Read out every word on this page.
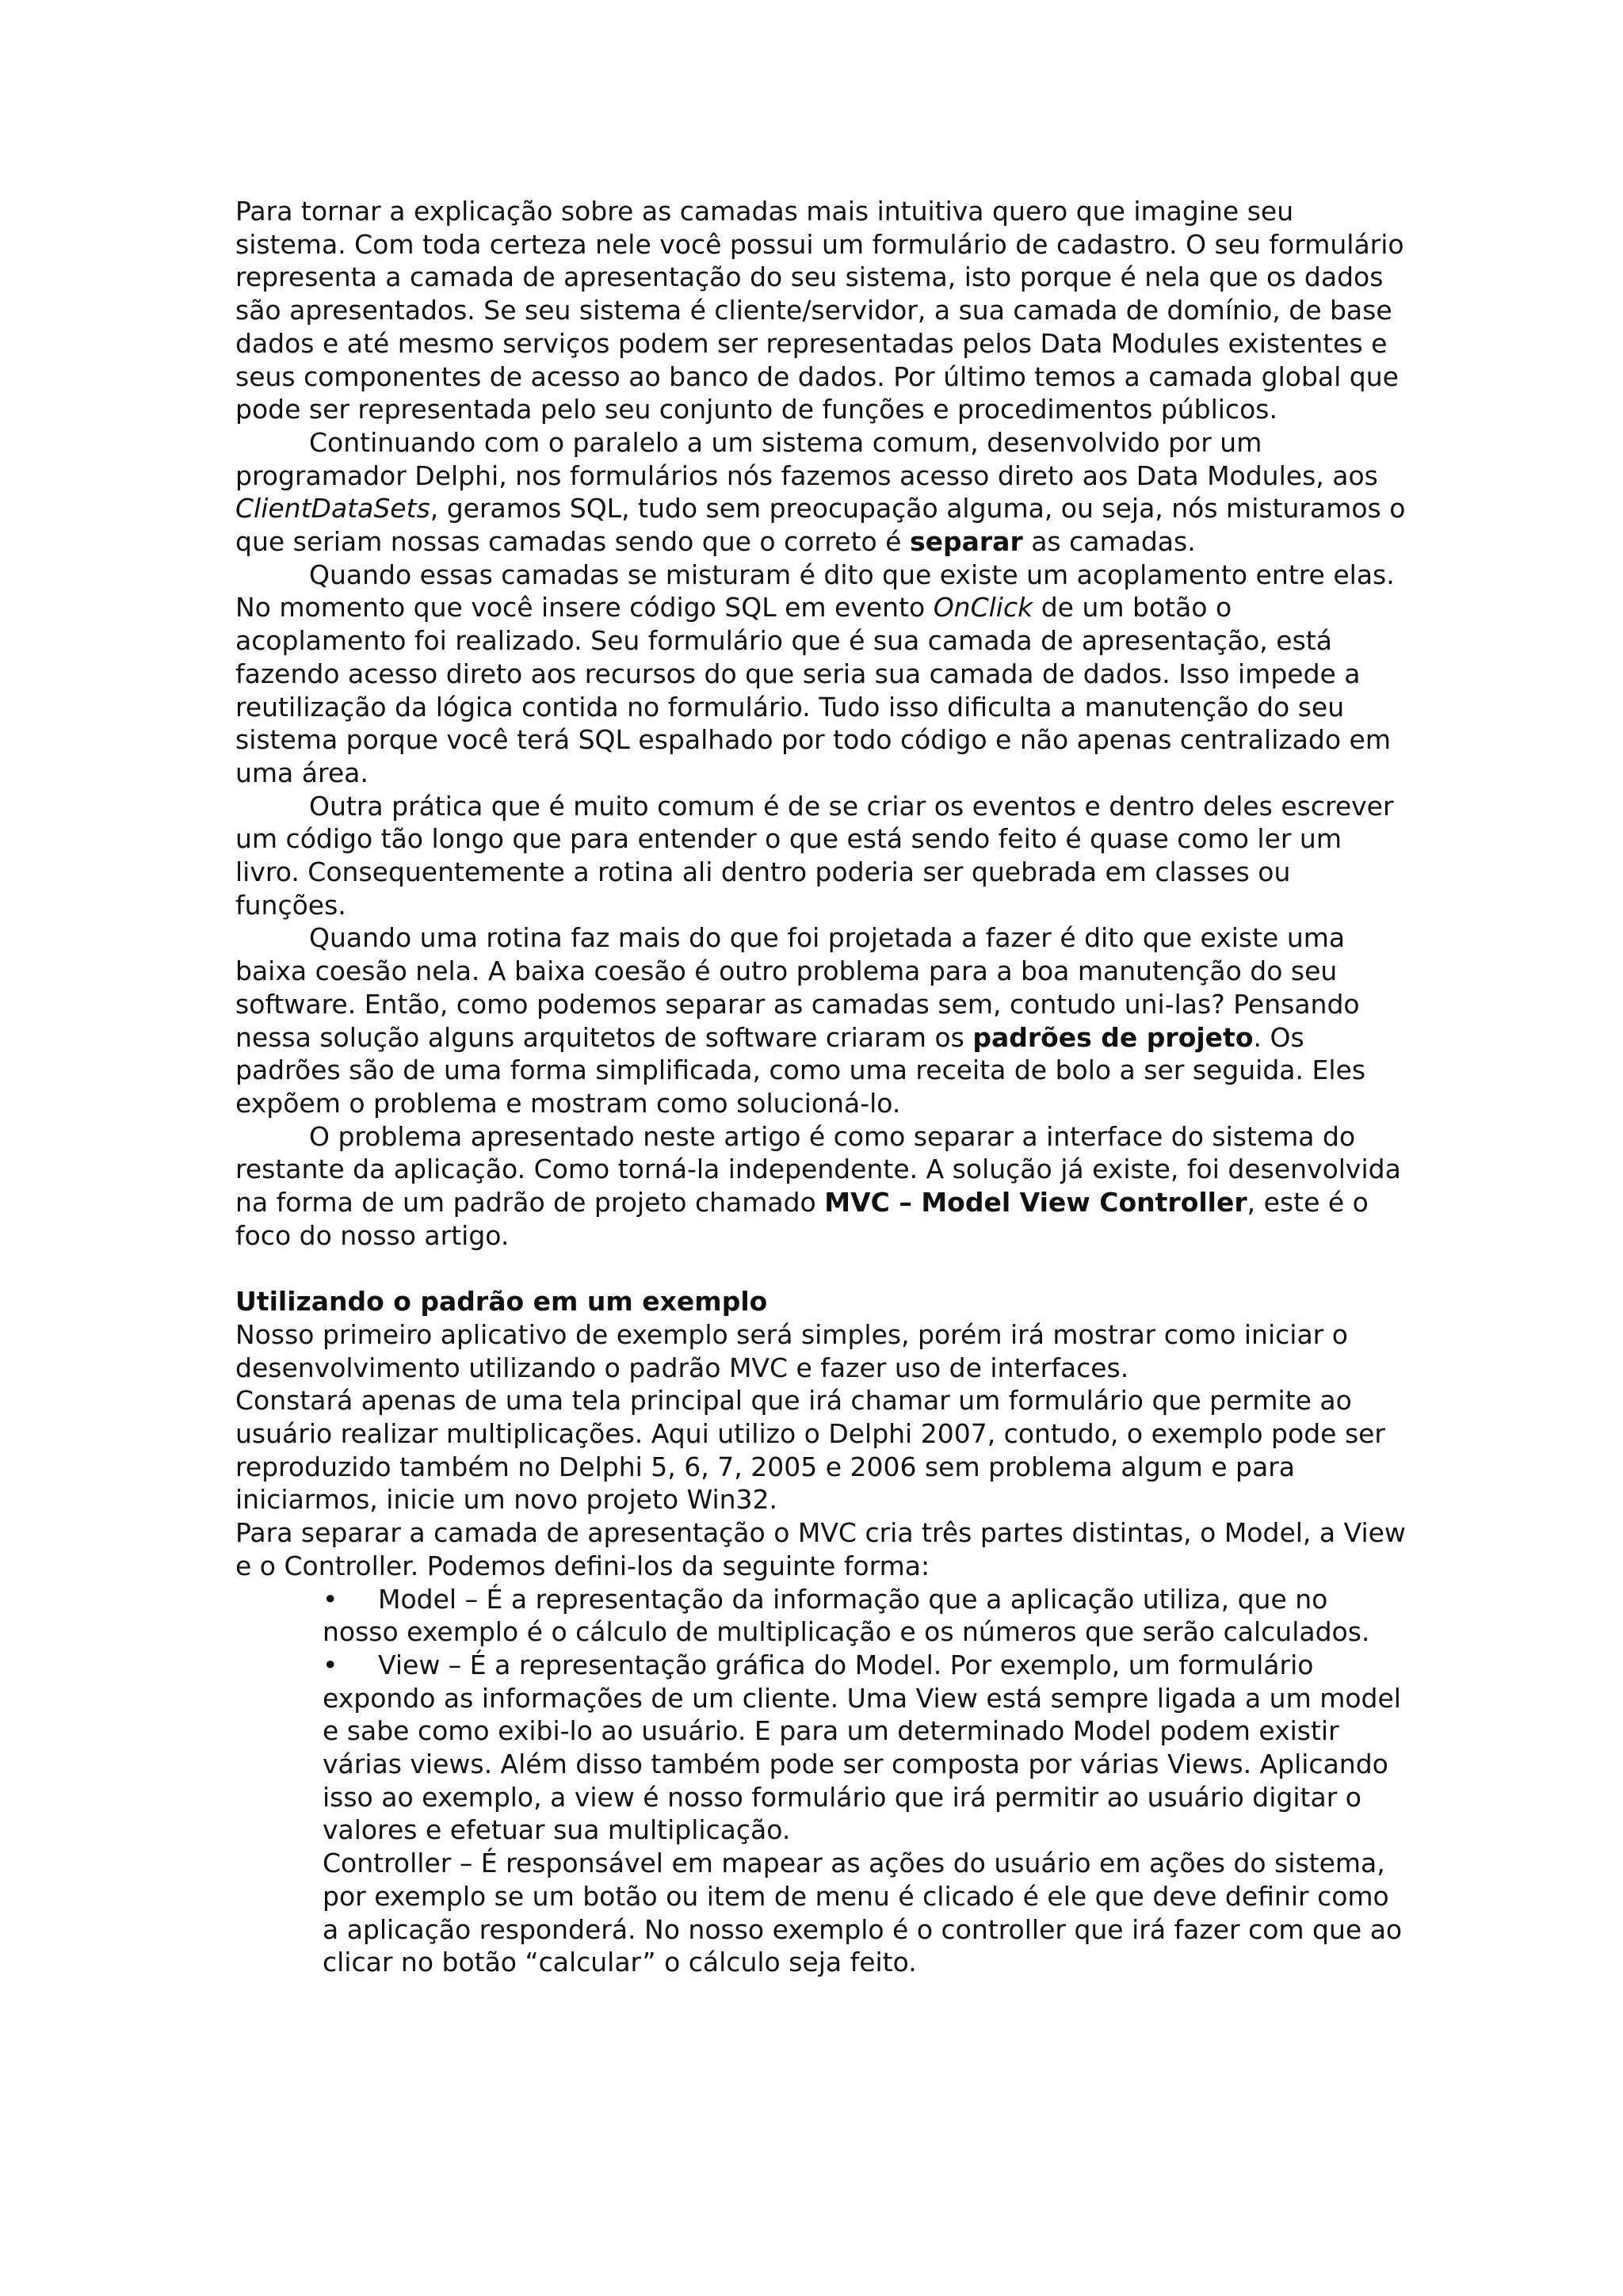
Para tornar a explicação sobre as camadas mais intuitiva quero que imagine seu sistema. Com toda certeza nele você possui um formulário de cadastro. O seu formulário representa a camada de apresentação do seu sistema, isto porque é nela que os dados são apresentados. Se seu sistema é cliente/servidor, a sua camada de domínio, de base dados e até mesmo serviços podem ser representadas pelos Data Modules existentes e seus componentes de acesso ao banco de dados. Por último temos a camada global que pode ser representada pelo seu conjunto de funções e procedimentos públicos.

Continuando com o paralelo a um sistema comum, desenvolvido por um programador Delphi, nos formulários nós fazemos acesso direto aos Data Modules, aos ClientDataSets, geramos SQL, tudo sem preocupação alguma, ou seja, nós misturamos o que seriam nossas camadas sendo que o correto é separar as camadas.

Quando essas camadas se misturam é dito que existe um acoplamento entre elas. No momento que você insere código SQL em evento OnClick de um botão o acoplamento foi realizado. Seu formulário que é sua camada de apresentação, está fazendo acesso direto aos recursos do que seria sua camada de dados. Isso impede a reutilização da lógica contida no formulário. Tudo isso dificulta a manutenção do seu sistema porque você terá SQL espalhado por todo código e não apenas centralizado em uma área.

Outra prática que é muito comum é de se criar os eventos e dentro deles escrever um código tão longo que para entender o que está sendo feito é quase como ler um livro. Consequentemente a rotina ali dentro poderia ser quebrada em classes ou funções.

Quando uma rotina faz mais do que foi projetada a fazer é dito que existe uma baixa coesão nela. A baixa coesão é outro problema para a boa manutenção do seu software. Então, como podemos separar as camadas sem, contudo uni-las? Pensando nessa solução alguns arquitetos de software criaram os padrões de projeto. Os padrões são de uma forma simplificada, como uma receita de bolo a ser seguida. Eles expõem o problema e mostram como solucioná-lo.

O problema apresentado neste artigo é como separar a interface do sistema do restante da aplicação. Como torná-la independente. A solução já existe, foi desenvolvida na forma de um padrão de projeto chamado MVC – Model View Controller, este é o foco do nosso artigo.

Utilizando o padrão em um exemplo

Nosso primeiro aplicativo de exemplo será simples, porém irá mostrar como iniciar o desenvolvimento utilizando o padrão MVC e fazer uso de interfaces.

Constará apenas de uma tela principal que irá chamar um formulário que permite ao usuário realizar multiplicações. Aqui utilizo o Delphi 2007, contudo, o exemplo pode ser reproduzido também no Delphi 5, 6, 7, 2005 e 2006 sem problema algum e para iniciarmos, inicie um novo projeto Win32.

Para separar a camada de apresentação o MVC cria três partes distintas, o Model, a View e o Controller. Podemos defini-los da seguinte forma:

• Model – É a representação da informação que a aplicação utiliza, que no nosso exemplo é o cálculo de multiplicação e os números que serão calculados.
• View – É a representação gráfica do Model. Por exemplo, um formulário expondo as informações de um cliente. Uma View está sempre ligada a um model e sabe como exibi-lo ao usuário. E para um determinado Model podem existir várias views. Além disso também pode ser composta por várias Views. Aplicando isso ao exemplo, a view é nosso formulário que irá permitir ao usuário digitar o valores e efetuar sua multiplicação.

Controller – É responsável em mapear as ações do usuário em ações do sistema, por exemplo se um botão ou item de menu é clicado é ele que deve definir como a aplicação responderá. No nosso exemplo é o controller que irá fazer com que ao clicar no botão “calcular” o cálculo seja feito.
